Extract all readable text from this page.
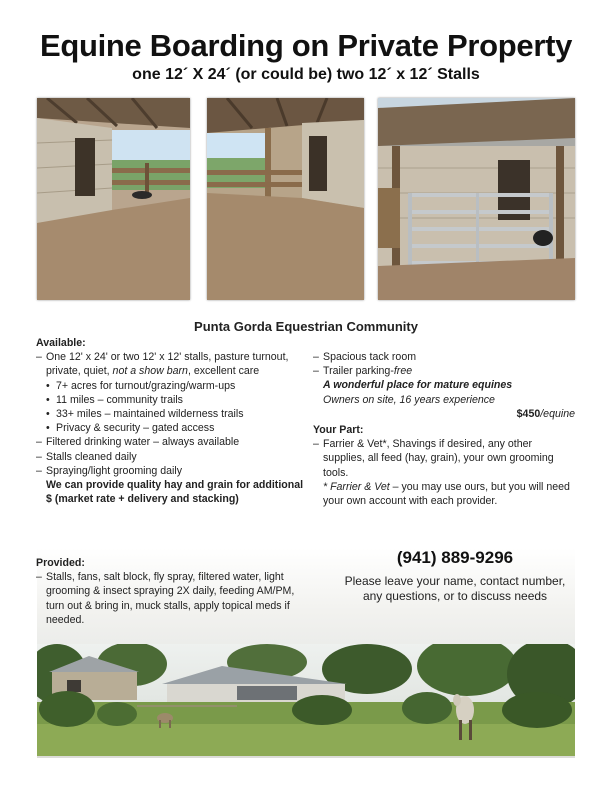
Equine Boarding on Private Property
one 12´ X 24´ (or could be) two 12´ x 12´ Stalls
Punta Gorda Equestrian Community
Available:
– One 12' x 24' or two 12' x 12' stalls, pasture turnout, private, quiet, not a show barn, excellent care
• 7+ acres for turnout/grazing/warm-ups
• 11 miles – community trails
• 33+ miles – maintained wilderness trails
• Privacy & security – gated access
– Filtered drinking water – always available
– Stalls cleaned daily
– Spraying/light grooming daily
We can provide quality hay and grain for additional $ (market rate + delivery and stacking)
– Spacious tack room
– Trailer parking-free
A wonderful place for mature equines
Owners on site, 16 years experience
$450/equine
Your Part:
– Farrier & Vet*, Shavings if desired, any other supplies, all feed (hay, grain), your own grooming tools.
* Farrier & Vet – you may use ours, but you will need your own account with each provider.
Provided:
– Stalls, fans, salt block, fly spray, filtered water, light grooming & insect spraying 2X daily, feeding AM/PM, turn out & bring in, muck stalls, apply topical meds if needed.
(941) 889-9296
Please leave your name, contact number, any questions, or to discuss needs
